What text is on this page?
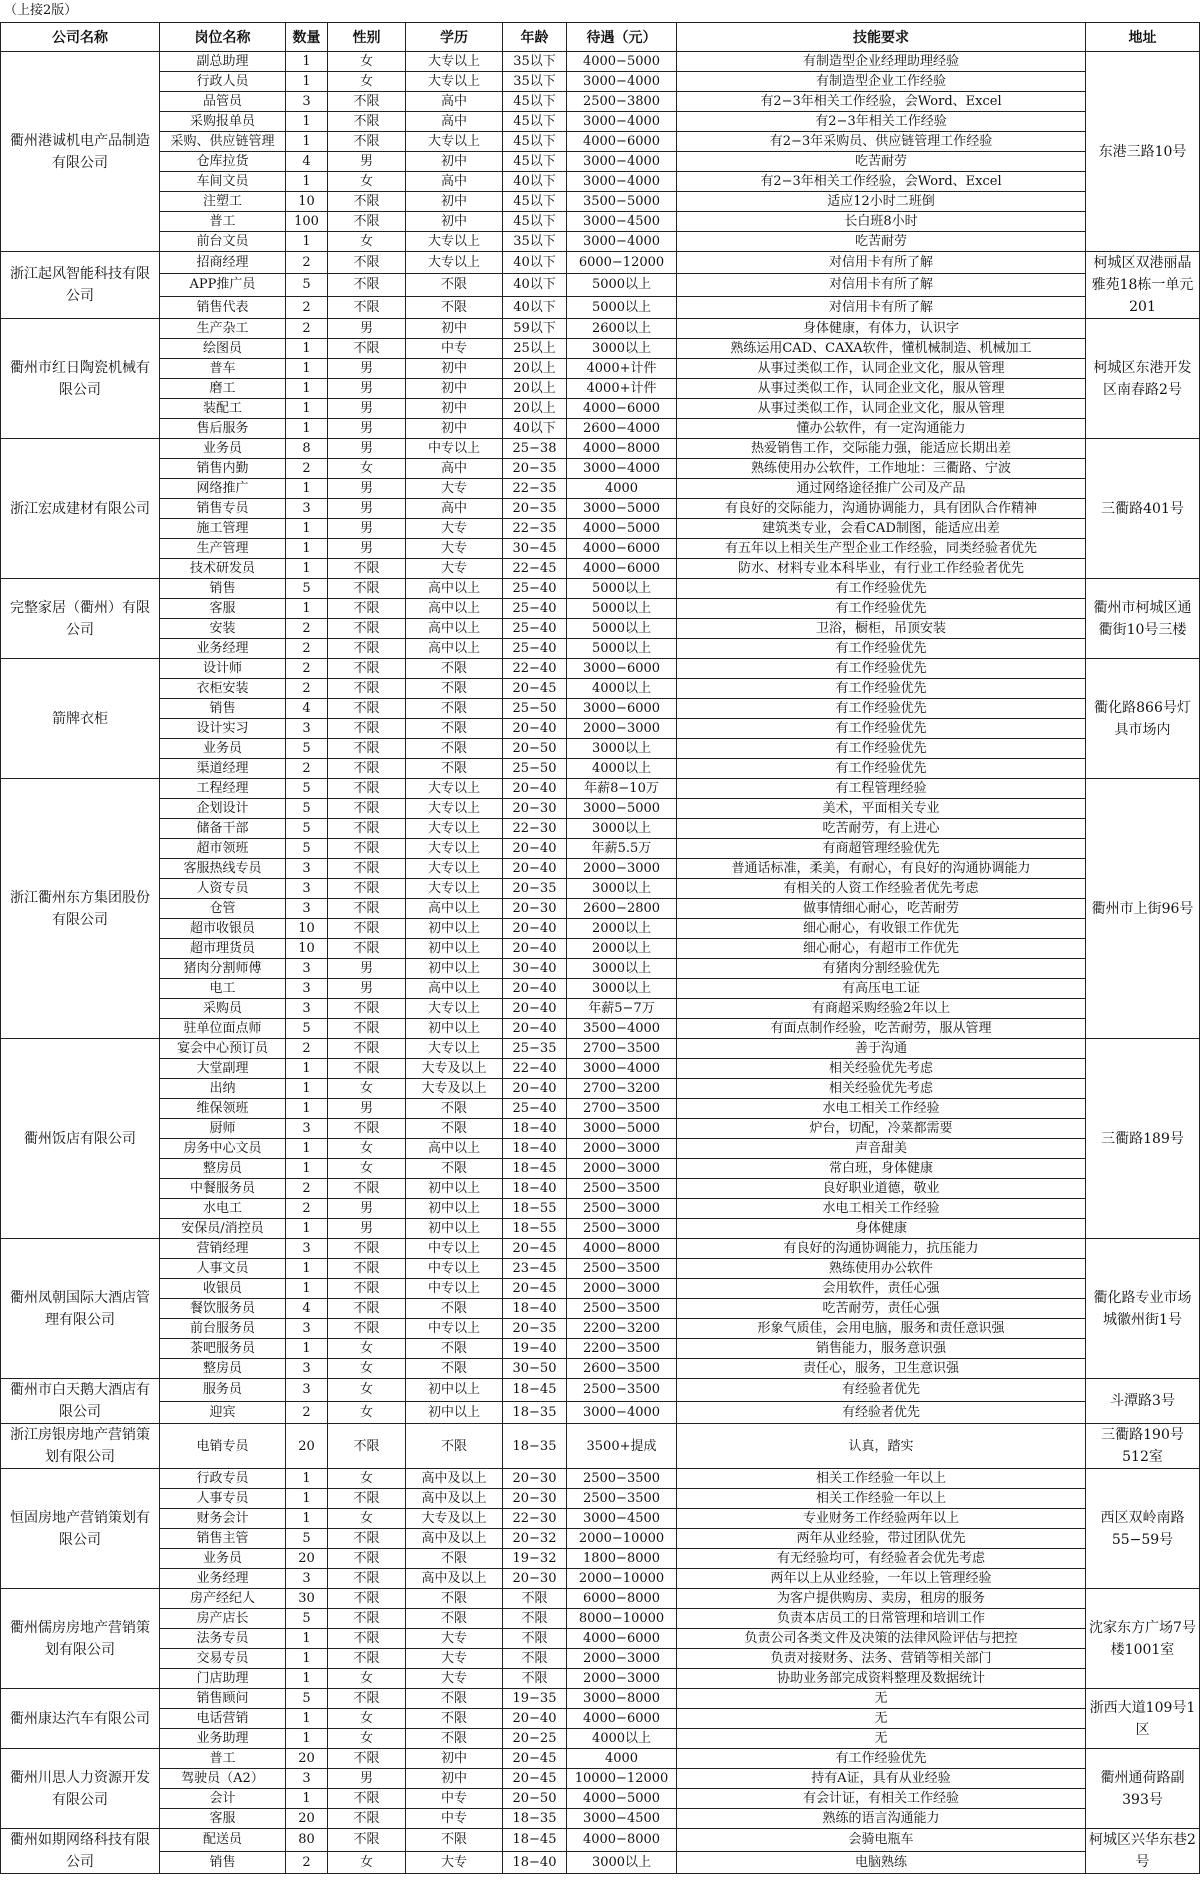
（上接2版）
公司名称	岗位名称	数量	性别	学历	年龄	待遇（元）	技能要求	地址
衢州港诚机电产品制造有限公司	副总助理	1	女	大专以上	35以下	4000−5000	有制造型企业经理助理经验	东港三路10号
	行政人员	1	女	大专以上	35以下	3000−4000	有制造型企业工作经验	
	品管员	3	不限	高中	45以下	2500−3800	有2−3年相关工作经验，会Word、Excel	
	采购报单员	1	不限	高中	45以下	3000−4000	有2−3年相关工作经验	
	采购、供应链管理	1	不限	大专以上	45以下	4000−6000	有2−3年采购员、供应链管理工作经验	
	仓库拉货	4	男	初中	45以下	3000−4000	吃苦耐劳	
	车间文员	1	女	高中	40以下	3000−4000	有2−3年相关工作经验，会Word、Excel	
	注塑工	10	不限	初中	45以下	3500−5000	适应12小时二班倒	
	普工	100	不限	初中	45以下	3000−4500	长白班8小时	
	前台文员	1	女	大专以上	35以下	3000−4000	吃苦耐劳	
浙江起风智能科技有限公司	招商经理	2	不限	大专以上	40以下	6000−12000	对信用卡有所了解	柯城区双港丽晶雅苑18栋一单元201
	APP推广员	5	不限	不限	40以下	5000以上	对信用卡有所了解	
	销售代表	2	不限	不限	40以下	5000以上	对信用卡有所了解	
衢州市红日陶瓷机械有限公司	生产杂工	2	男	初中	59以下	2600以上	身体健康，有体力，认识字	柯城区东港开发区南春路2号
	绘图员	1	不限	中专	25以上	3000以上	熟练运用CAD、CAXA软件，懂机械制造、机械加工	
	普车	1	男	初中	20以上	4000+计件	从事过类似工作，认同企业文化，服从管理	
	磨工	1	男	初中	20以上	4000+计件	从事过类似工作，认同企业文化，服从管理	
	装配工	1	男	初中	20以上	4000−6000	从事过类似工作，认同企业文化，服从管理	
	售后服务	1	男	初中	40以下	2600−4000	懂办公软件，有一定沟通能力	
浙江宏成建材有限公司	业务员	8	男	中专以上	25−38	4000−8000	热爱销售工作，交际能力强，能适应长期出差	三衢路401号
	销售内勤	2	女	高中	20−35	3000−4000	熟练使用办公软件，工作地址：三衢路、宁波	
	网络推广	1	男	大专	22−35	4000	通过网络途径推广公司及产品	
	销售专员	3	男	高中	20−35	3000−5000	有良好的交际能力，沟通协调能力，具有团队合作精神	
	施工管理	1	男	大专	22−35	4000−5000	建筑类专业，会看CAD制图，能适应出差	
	生产管理	1	男	大专	30−45	4000−6000	有五年以上相关生产型企业工作经验，同类经验者优先	
	技术研发员	1	不限	大专	22−45	4000−6000	防水、材料专业本科毕业，有行业工作经验者优先	
完整家居（衢州）有限公司	销售	5	不限	高中以上	25−40	5000以上	有工作经验优先	衢州市柯城区通衢街10号三楼
	客服	1	不限	高中以上	25−40	5000以上	有工作经验优先	
	安装	2	不限	高中以上	25−40	5000以上	卫浴，橱柜，吊顶安装	
	业务经理	2	不限	高中以上	25−40	5000以上	有工作经验优先	
箭牌衣柜	设计师	2	不限	不限	22−40	3000−6000	有工作经验优先	衢化路866号灯具市场内
	衣柜安装	2	不限	不限	20−45	4000以上	有工作经验优先	
	销售	4	不限	不限	25−50	3000−6000	有工作经验优先	
	设计实习	3	不限	不限	20−40	2000−3000	有工作经验优先	
	业务员	5	不限	不限	20−50	3000以上	有工作经验优先	
	渠道经理	2	不限	不限	25−50	4000以上	有工作经验优先	
浙江衢州东方集团股份有限公司	工程经理	5	不限	大专以上	20−40	年薪8−10万	有工程管理经验	衢州市上街96号
	企划设计	5	不限	大专以上	20−30	3000−5000	美术，平面相关专业	
	储备干部	5	不限	大专以上	22−30	3000以上	吃苦耐劳，有上进心	
	超市领班	5	不限	大专以上	20−40	年薪5.5万	有商超管理经验优先	
	客服热线专员	3	不限	大专以上	20−40	2000−3000	普通话标准，柔美，有耐心，有良好的沟通协调能力	
	人资专员	3	不限	大专以上	20−35	3000以上	有相关的人资工作经验者优先考虑	
	仓管	3	不限	高中以上	20−30	2600−2800	做事情细心耐心，吃苦耐劳	
	超市收银员	10	不限	初中以上	20−40	2000以上	细心耐心，有收银工作优先	
	超市理货员	10	不限	初中以上	20−40	2000以上	细心耐心，有超市工作优先	
	猪肉分割师傅	3	男	初中以上	30−40	3000以上	有猪肉分割经验优先	
	电工	3	男	高中以上	20−40	3000以上	有高压电工证	
	采购员	3	不限	大专以上	20−40	年薪5−7万	有商超采购经验2年以上	
	驻单位面点师	5	不限	初中以上	20−40	3500−4000	有面点制作经验，吃苦耐劳，服从管理	
衢州饭店有限公司	宴会中心预订员	2	不限	大专以上	25−35	2700−3500	善于沟通	三衢路189号
	大堂副理	1	不限	大专及以上	22−40	3000−4000	相关经验优先考虑	
	出纳	1	女	大专及以上	20−40	2700−3200	相关经验优先考虑	
	维保领班	1	男	不限	25−40	2700−3500	水电工相关工作经验	
	厨师	3	不限	不限	18−40	3000−5000	炉台，切配，冷菜都需要	
	房务中心文员	1	女	高中以上	18−40	2000−3000	声音甜美	
	整房员	1	女	不限	18−45	2000−3000	常白班，身体健康	
	中餐服务员	2	不限	初中以上	18−40	2500−3500	良好职业道德，敬业	
	水电工	2	男	初中以上	18−55	2500−3000	水电工相关工作经验	
	安保员/消控员	1	男	初中以上	18−55	2500−3000	身体健康	
衢州凤朝国际大酒店管理有限公司	营销经理	3	不限	中专以上	20−45	4000−8000	有良好的沟通协调能力，抗压能力	衢化路专业市场城徽州街1号
	人事文员	1	不限	中专以上	23−45	2500−3500	熟练使用办公软件	
	收银员	1	不限	中专以上	20−45	2000−3000	会用软件，责任心强	
	餐饮服务员	4	不限	不限	18−40	2500−3500	吃苦耐劳，责任心强	
	前台服务员	3	不限	中专以上	20−35	2200−3200	形象气质佳，会用电脑，服务和责任意识强	
	茶吧服务员	1	女	不限	19−40	2200−3500	销售能力，服务意识强	
	整房员	3	女	不限	30−50	2600−3500	责任心，服务，卫生意识强	
衢州市白天鹅大酒店有限公司	服务员	3	女	初中以上	18−45	2500−3500	有经验者优先	斗潭路3号
	迎宾	2	女	初中以上	18−35	3000−4000	有经验者优先	
浙江房银房地产营销策划有限公司	电销专员	20	不限	不限	18−35	3500+提成	认真，踏实	三衢路190号512室
恒固房地产营销策划有限公司	行政专员	1	女	高中及以上	20−30	2500−3500	相关工作经验一年以上	西区双岭南路55−59号
	人事专员	1	不限	高中及以上	20−30	2500−3500	相关工作经验一年以上	
	财务会计	1	女	大专及以上	22−30	3000−4500	专业财务工作经验两年以上	
	销售主管	5	不限	高中及以上	20−32	2000−10000	两年从业经验，带过团队优先	
	业务员	20	不限	不限	19−32	1800−8000	有无经验均可，有经验者会优先考虑	
	业务经理	3	不限	高中及以上	20−30	2000−10000	两年以上从业经验，一年以上管理经验	
衢州儒房房地产营销策划有限公司	房产经纪人	30	不限	不限	不限	6000−8000	为客户提供购房、卖房，租房的服务	沈家东方广场7号楼1001室
	房产店长	5	不限	不限	不限	8000−10000	负责本店员工的日常管理和培训工作	
	法务专员	1	不限	大专	不限	4000−6000	负责公司各类文件及决策的法律风险评估与把控	
	交易专员	1	不限	大专	不限	2000−3000	负责对接财务、法务、营销等相关部门	
	门店助理	1	女	大专	不限	2000−3000	协助业务部完成资料整理及数据统计	
衢州康达汽车有限公司	销售顾问	5	不限	不限	19−35	3000−8000	无	浙西大道109号1区
	电话营销	1	女	不限	20−40	4000−6000	无	
	业务助理	1	女	不限	20−25	4000以上	无	
衢州川思人力资源开发有限公司	普工	20	不限	初中	20−45	4000	有工作经验优先	衢州通荷路副393号
	驾驶员（A2）	3	男	初中	20−45	10000−12000	持有A证，具有从业经验	
	会计	1	不限	中专	20−50	4000−5000	有会计证，有相关工作经验	
	客服	20	不限	中专	18−35	3000−4500	熟练的语言沟通能力	
衢州如期网络科技有限公司	配送员	80	不限	不限	18−45	4000−8000	会骑电瓶车	柯城区兴华东巷2号
	销售	2	女	大专	18−40	3000以上	电脑熟练	
